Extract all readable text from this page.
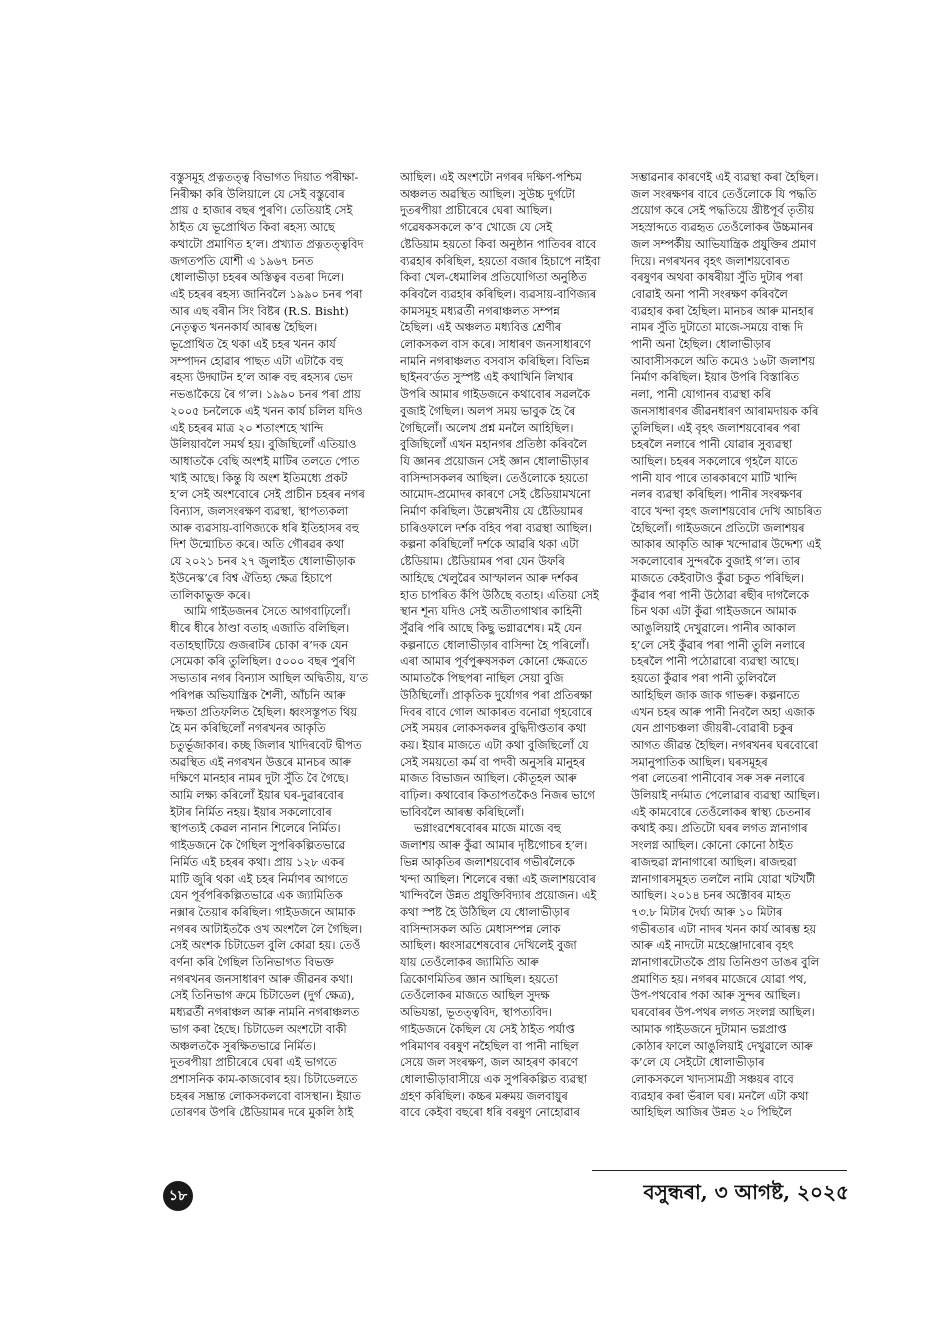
বস্তুসমূহ প্ৰত্নতত্ত্ব বিভাগত দিয়াত পৰীক্ষা-
নিৰীক্ষা কৰি উলিয়ালে যে সেই বস্তুবোৰ
প্ৰায় ৫ হাজাৰ বছৰ পুৰণি। তেতিয়াই সেই
ঠাইত যে ভূপ্ৰোথিত কিবা ৰহস্য আছে
কথাটো প্ৰমাণিত হ’ল। প্ৰখ্যাত প্ৰত্নতত্ত্ববিদ
জগতপতি যোশী এ ১৯৬৭ চনত
ধোলাভীড়া চহৰৰ অস্তিত্বৰ বতৰা দিলে।
এই চহৰৰ ৰহস্য জানিবলৈ ১৯৯০ চনৰ পৰা
আৰ এছ বৰীন সিং বিষ্টৰ (R.S. Bisht)
নেতৃত্বত খননকাৰ্য আৰম্ভ হৈছিল।
ভূপ্ৰোথিত হৈ থকা এই চহৰ খনন কাৰ্য
সম্পাদন হোৱাৰ পাছত এটা এটাকৈ বহু
ৰহস্য উদ্ঘাটন হ’ল আৰু বহু ৰহস্যৰ ভেদ
নভঙাকৈয়ে ৰৈ গ’ল। ১৯৯০ চনৰ পৰা প্ৰায়
২০০৫ চনলৈকে এই খনন কাৰ্য চলিল যদিও
এই চহৰৰ মাত্ৰ ২০ শতাংশহে খান্দি
উলিয়াবলৈ সমৰ্থ হয়। বুজিছিলোঁ এতিয়াও
আধাতকৈ বেছি অংশই মাটিৰ তলতে পোত
খাই আছে। কিন্তু যি অংশ ইতিমধ্যে প্ৰকট
হ’ল সেই অংশবোৰে সেই প্ৰাচীন চহৰৰ নগৰ
বিন্যাস, জলসংৰক্ষণ ব্যৱস্থা, স্থাপত্যকলা
আৰু ব্যৱসায়-বাণিজ্যকে ধৰি ইতিহাসৰ বহু
দিশ উন্মোচিত কৰে। অতি গৌৰৱৰ কথা
যে ২০২১ চনৰ ২৭ জুলাইত ধোলাভীড়াক
ইউনেস্ক’ৰে বিশ্ব ঐতিহ্য ক্ষেত্ৰ হিচাপে
তালিকাভুক্ত কৰে।

আমি গাইডজনৰ সৈতে আগবাঢ়িলোঁ।
ধীৰে ধীৰে ঠাণ্ডা বতাহ এজাতি বলিছিল।
বতাহছাটিয়ে গুজৰাটৰ চোকা ৰ’দক যেন
সেমেকা কৰি তুলিছিল। ৫০০০ বছৰ পুৰণি
সভ্যতাৰ নগৰ বিন্যাস আছিল অদ্বিতীয়, য’ত
পৰিপক্ক অভিযান্ত্ৰিক শৈলী, আঁচনি আৰু
দক্ষতা প্ৰতিফলিত হৈছিল। ধ্বংসস্তূপত থিয়
হৈ মন কৰিছিলোঁ নগৰখনৰ আকৃতি
চতুৰ্ভূজাকাৰ। কচ্ছ জিলাৰ খাদিৰবেট দ্বীপত
অৱস্থিত এই নগৰখন উত্তৰে মানচৰ আৰু
দক্ষিণে মানহাৰ নামৰ দুটা সুঁতি বৈ গৈছে।
আমি লক্ষ্য কৰিলোঁ ইয়াৰ ঘৰ-দুৱাৰবোৰ
ইটাৰ নিৰ্মিত নহয়। ইয়াৰ সকলোবোৰ
স্থাপত্যই কেৱল নানান শিলেৰে নিৰ্মিত।
গাইডজনে কৈ গৈছিল সুপৰিকল্পিতভাৱে
নিৰ্মিত এই চহৰৰ কথা। প্ৰায় ১২৮ একৰ
মাটি জুৰি থকা এই চহৰ নিৰ্মাণৰ আগতে
যেন পূৰ্বপৰিকল্পিতভাৱে এক জ্যামিতিক
নক্সাৰ তৈয়াৰ কৰিছিল। গাইডজনে আমাক
নগৰৰ আটাইতকৈ ওখ অংশলৈ লৈ গৈছিল।
সেই অংশক চিটাডেল বুলি কোৱা হয়। তেওঁ
বৰ্ণনা কৰি গৈছিল তিনিভাগত বিভক্ত
নগৰখনৰ জনসাধাৰণ আৰু জীৱনৰ কথা।
সেই তিনিভাগ ক্ৰমে চিটাডেল (দুৰ্গ ক্ষেত্ৰ),
মধ্যৱৰ্তী নগৰাঞ্চল আৰু নামনি নগৰাঞ্চলত
ভাগ কৰা হৈছে। চিটাডেল অংশটো বাকী
অঞ্চলতকৈ সুৰক্ষিতভাৱে নিৰ্মিত।
দুতৰপীয়া প্ৰাচীৰেৰে ঘেৰা এই ভাগতে
প্ৰশাসনিক কাম-কাজবোৰ হয়। চিটাডেলতে
চহৰৰ সম্ভ্ৰান্ত লোকসকলবো বাসস্থান। ইয়াত
তোৰণৰ উপৰি ষ্টেডিয়ামৰ দৰে মুকলি ঠাই

আছিল। এই অংশটো নগৰৰ দক্ষিণ-পশ্চিম
অঞ্চলত অৱস্থিত আছিল। সুউচ্চ দুৰ্গটো
দুতৰপীয়া প্ৰাচীৰেৰে ঘেৰা আছিল।
গৱেষকসকলে ক’ব খোজে যে সেই
ষ্টেডিয়াম হয়তো কিবা অনুষ্ঠান পাতিবৰ বাবে
ব্যৱহাৰ কৰিছিল, হয়তো বজাৰ হিচাপে নাইবা
কিবা খেল-ধেমালিৰ প্ৰতিযোগিতা অনুষ্ঠিত
কৰিবলৈ ব্যৱহাৰ কৰিছিল। ব্যৱসায়-বাণিজ্যৰ
কামসমূহ মধ্যৱৰ্তী নগৰাঞ্চলত সম্পন্ন
হৈছিল। এই অঞ্চলত মধ্যবিত্ত শ্ৰেণীৰ
লোকসকল বাস কৰে। সাধাৰণ জনসাধাৰণে
নামনি নগৰাঞ্চলত বসবাস কৰিছিল। বিভিন্ন
ছাইনব’ৰ্ডত সুস্পষ্ট এই কথাখিনি লিখাৰ
উপৰি আমাৰ গাইডজনে কথাবোৰ সৱলকৈ
বুজাই গৈছিল। অলপ সময় ভাবুক হৈ ৰৈ
গৈছিলোঁ। অলেখ প্ৰশ্ন মনলৈ আহিছিল।
বুজিছিলোঁ এখন মহানগৰ প্ৰতিষ্ঠা কৰিবলৈ
যি জ্ঞানৰ প্ৰয়োজন সেই জ্ঞান ধোলাভীড়াৰ
বাসিন্দাসকলৰ আছিল। তেওঁলোকে হয়তো
আমোদ-প্ৰমোদৰ কাৰণে সেই ষ্টেডিয়ামখনো
নিৰ্মাণ কৰিছিল। উল্লেখনীয় যে ষ্টেডিয়ামৰ
চাৰিওফালে দৰ্শক বহিব পৰা ব্যৱস্থা আছিল।
কল্পনা কৰিছিলোঁ দৰ্শকে আৱৰি থকা এটা
ষ্টেডিয়াম। ষ্টেডিয়ামৰ পৰা যেন উফৰি
আহিছে খেলুৱৈৰ আস্ফালন আৰু দৰ্শকৰ
হাত চাপৰিত কঁপি উঠিছে বতাহ। এতিয়া সেই
স্থান শূন্য যদিও সেই অতীতগাথাৰ কাহিনী
সুঁৱৰি পৰি আছে কিছু ভগ্নাৱশেষ। মই যেন
কল্পনাতে ধোলাভীড়াৰ বাসিন্দা হৈ পৰিলোঁ।
এৰা আমাৰ পূৰ্বপুৰুষসকল কোনো ক্ষেত্ৰতে
আমাতকৈ পিছপৰা নাছিল সেয়া বুজি
উঠিছিলোঁ। প্ৰাকৃতিক দুৰ্যোগৰ পৰা প্ৰতিৰক্ষা
দিবৰ বাবে গোল আকাৰত বনোৱা গৃহবোৰে
সেই সময়ৰ লোকসকলৰ বুদ্ধিদীপ্ততাৰ কথা
কয়। ইয়াৰ মাজতে এটা কথা বুজিছিলোঁ যে
সেই সময়তো কৰ্ম বা পদবী অনুসৰি মানুহৰ
মাজত বিভাজন আছিল। কৌতূহল আৰু
বাঢ়িল। কথাবোৰ কিতাপতকৈও নিজৰ ভাগে
ভাবিবলৈ আৰম্ভ কৰিছিলোঁ।

ভগ্নাংৱশেষবোৰৰ মাজে মাজে বহু
জলাশয় আৰু কুঁৱা আমাৰ দৃষ্টিগোচৰ হ’ল।
ভিন্ন আকৃতিৰ জলাশয়বোৰ গভীৰলৈকে
খন্দা আছিল। শিলেৰে বন্ধা এই জলাশয়বোৰ
খান্দিবলৈ উন্নত প্ৰযুক্তিবিদ্যাৰ প্ৰয়োজন। এই
কথা স্পষ্ট হৈ উঠিছিল যে ধোলাভীড়াৰ
বাসিন্দাসকল অতি মেধাসম্পন্ন লোক
আছিল। ধ্বংসাৱশেষবোৰ দেখিলেই বুজা
যায় তেওঁলোকৰ জ্যামিতি আৰু
ত্ৰিকোণমিতিৰ জ্ঞান আছিল। হয়তো
তেওঁলোকৰ মাজতে আছিল সুদক্ষ
অভিযন্তা, ভূতত্ত্ববিদ, স্থাপত্যবিদ।
গাইডজনে কৈছিল যে সেই ঠাইত পৰ্যাপ্ত
পৰিমাণৰ বৰষুণ নহৈছিল বা পানী নাছিল
সেয়ে জল সংৰক্ষণ, জল আহৰণ কাৰণে
ধোলাভীড়াবাসীয়ে এক সুপৰিকল্পিত ব্যৱস্থা
গ্ৰহণ কৰিছিল। কচ্চৰ মৰুময় জলবায়ুৰ
বাবে কেইবা বছৰো ধৰি বৰষুণ নোহোৱাৰ

সম্ভাৱনাৰ কাৰণেই এই ব্যৱস্থা কৰা হৈছিল।
জল সংৰক্ষণৰ বাবে তেওঁলোকে যি পদ্ধতি
প্ৰয়োগ কৰে সেই পদ্ধতিয়ে খ্ৰীষ্টপূৰ্ব তৃতীয়
সহস্ৰাব্দতে ব্যৱহৃত তেওঁলোকৰ উচ্চমানৰ
জল সম্পৰ্কীয় আভিযান্ত্ৰিক প্ৰযুক্তিৰ প্ৰমাণ
দিয়ে। নগৰখনৰ বৃহৎ জলাশয়বোৰত
বৰষুণৰ অথবা কাষৰীয়া সুঁতি দুটাৰ পৰা
বোৱাই অনা পানী সংৰক্ষণ কৰিবলৈ
ব্যৱহাৰ কৰা হৈছিল। মানচৰ আৰু মানহাৰ
নামৰ সুঁতি দুটাতো মাজে-সময়ে বান্ধ দি
পানী অনা হৈছিল। ধোলাভীড়াৰ
আবাসীসকলে অতি কমেও ১৬টা জলাশয়
নিৰ্মাণ কৰিছিল। ইয়াৰ উপৰি বিস্তাৰিত
নলা, পানী যোগানৰ ব্যৱস্থা কৰি
জনসাধাৰণৰ জীৱনধাৰণ আৰামদায়ক কৰি
তুলিছিল। এই বৃহৎ জলাশয়বোৰৰ পৰা
চহৰলৈ নলাৰে পানী যোৱাৰ সুব্যৱস্থা
আছিল। চহৰৰ সকলোৰে গৃহলৈ যাতে
পানী যাব পাৰে তাৰকাৰণে মাটি খান্দি
নলৰ ব্যৱস্থা কৰিছিল। পানীৰ সংৰক্ষণৰ
বাবে খন্দা বৃহৎ জলাশয়বোৰ দেখি আচৰিত
হৈছিলোঁ। গাইডজনে প্ৰতিটো জলাশয়ৰ
আকাৰ আকৃতি আৰু খন্দোৱাৰ উদ্দেশ্য এই
সকলোবোৰ সুন্দৰকৈ বুজাই গ’ল। তাৰ
মাজতে কেইবাটাও কুঁৱা চকুত পৰিছিল।
কুঁৱাৰ পৰা পানী উঠোৱা ৰছীৰ দাগলৈকে
চিন থকা এটা কুঁৱা গাইডজনে আমাক
আঙুলিয়াই দেখুৱালে। পানীৰ আকাল
হ’লে সেই কুঁৱাৰ পৰা পানী তুলি নলাৰে
চহৰলৈ পানী পঠোৱাৰো ব্যৱস্থা আছে।
হয়তো কুঁৱাৰ পৰা পানী তুলিবলৈ
আহিছিল জাক জাক গাভৰু। কল্পনাতে
এখন চহৰ আৰু পানী নিবলৈ অহা এজাক
যেন প্ৰাণচঞ্চলা জীয়ৰী-বোৱাৰী চকুৰ
আগত জীৱন্ত হৈছিল। নগৰখনৰ ঘৰবোৰো
সমানুপাতিক আছিল। ঘৰসমূহৰ
পৰা লেতেৰা পানীবোৰ সৰু সৰু নলাৰে
উলিয়াই নৰ্দমাত পেলোৱাৰ ব্যৱস্থা আছিল।
এই কামবোৰে তেওঁলোকৰ স্বাস্থ্য চেতনাৰ
কথাই কয়। প্ৰতিটো ঘৰৰ লগত স্নানাগাৰ
সংলগ্ন আছিল। কোনো কোনো ঠাইত
ৰাজহুৱা স্নানাগাৰো আছিল। ৰাজহুৱা
স্নানাগাৰসমূহত তললৈ নামি যোৱা খটখটী
আছিল। ২০১৪ চনৰ অক্টোবৰ মাহত
৭৩.৮ মিটাৰ দৈৰ্ঘ্য আৰু ১০ মিটাৰ
গভীৰতাৰ এটা নাদৰ খনন কাৰ্য আৰম্ভ হয়
আৰু এই নাদটো মহেঞ্জোদাৰোৰ বৃহৎ
স্নানাগাৰটোতকৈ প্ৰায় তিনিগুণ ডাঙৰ বুলি
প্ৰমাণিত হয়। নগৰৰ মাজেৰে যোৱা পথ,
উপ-পথবোৰ পকা আৰু সুন্দৰ আছিল।
ঘৰবোৰৰ উপ-পথৰ লগত সংলগ্ন আছিল।
আমাক গাইডজনে দুটামান ভগ্নপ্ৰাপ্ত
কোঠাৰ ফালে আঙুলিয়াই দেখুৱালে আৰু
ক’লে যে সেইটো ধোলাভীড়াৰ
লোকসকলে খাদ্যসামগ্ৰী সঞ্চয়ৰ বাবে
ব্যৱহাৰ কৰা ভঁৰাল ঘৰ। মনলৈ এটা কথা
আহিছিল আজিৰ উন্নত ২০ পিছিলৈ

১৮	বসুন্ধৰা, ৩ আগষ্ট, ২০২৫
